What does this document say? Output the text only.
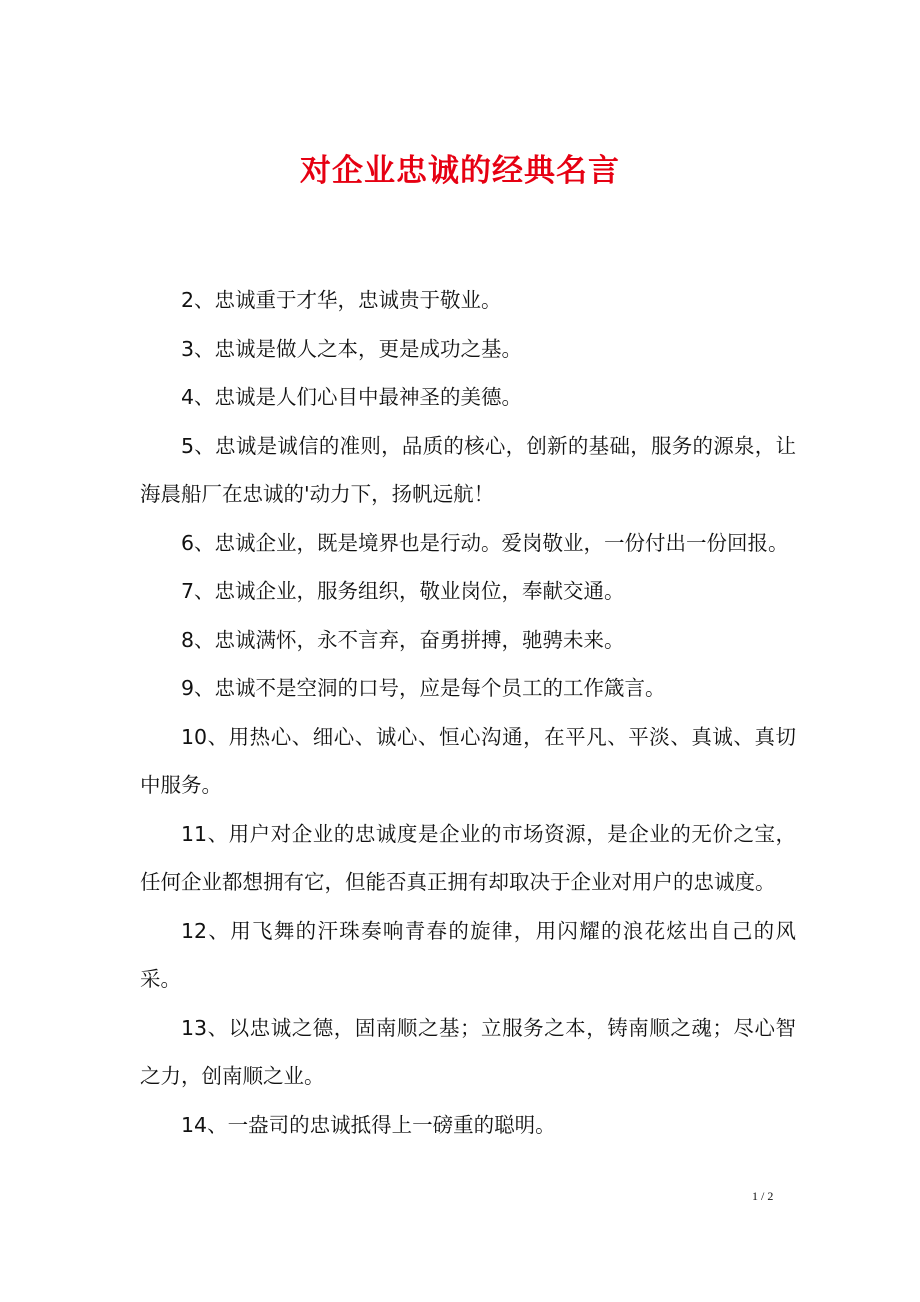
对企业忠诚的经典名言

2、忠诚重于才华，忠诚贵于敬业。

3、忠诚是做人之本，更是成功之基。

4、忠诚是人们心目中最神圣的美德。

5、忠诚是诚信的准则，品质的核心，创新的基础，服务的源泉，让海晨船厂在忠诚的'动力下，扬帆远航！

6、忠诚企业，既是境界也是行动。爱岗敬业，一份付出一份回报。

7、忠诚企业，服务组织，敬业岗位，奉献交通。

8、忠诚满怀，永不言弃，奋勇拼搏，驰骋未来。

9、忠诚不是空洞的口号，应是每个员工的工作箴言。

10、用热心、细心、诚心、恒心沟通，在平凡、平淡、真诚、真切中服务。

11、用户对企业的忠诚度是企业的市场资源，是企业的无价之宝，任何企业都想拥有它，但能否真正拥有却取决于企业对用户的忠诚度。

12、用飞舞的汗珠奏响青春的旋律，用闪耀的浪花炫出自己的风采。

13、以忠诚之德，固南顺之基；立服务之本，铸南顺之魂；尽心智之力，创南顺之业。

14、一盎司的忠诚抵得上一磅重的聪明。

1 / 2
